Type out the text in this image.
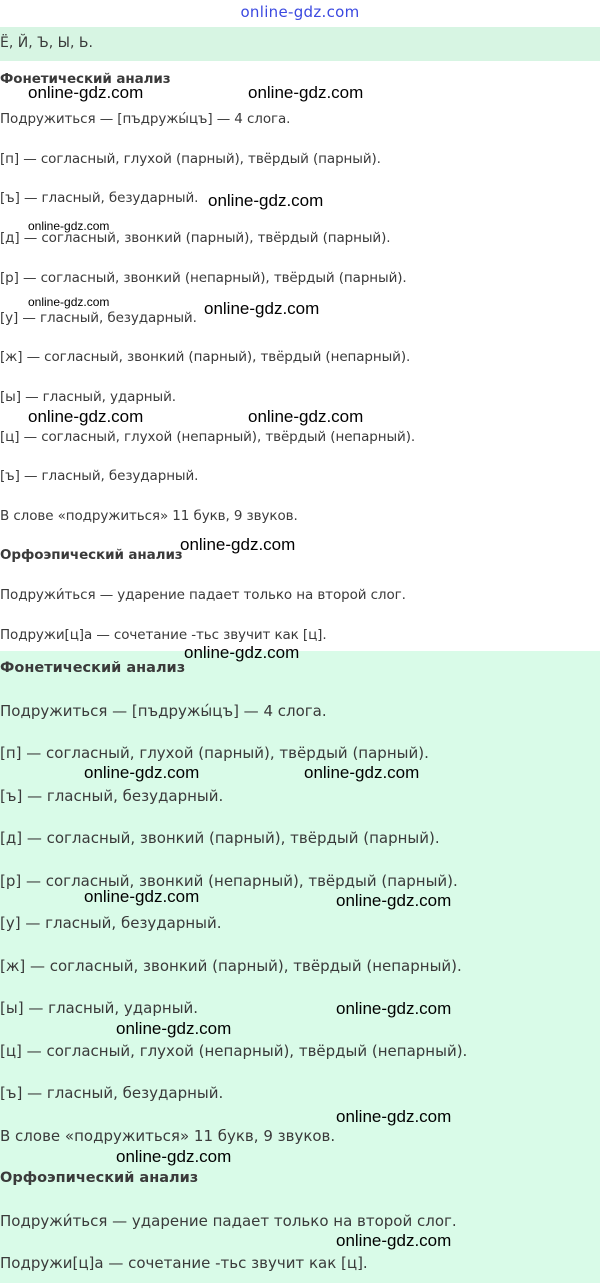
online-gdz.com
Ё, Й, Ъ, Ы, Ь.
Фонетический анализ
Подружиться — [пъдружы́цъ] — 4 слога.
[п] — согласный, глухой (парный), твёрдый (парный).
[ъ] — гласный, безударный.
[д] — согласный, звонкий (парный), твёрдый (парный).
[р] — согласный, звонкий (непарный), твёрдый (парный).
[у] — гласный, безударный.
[ж] — согласный, звонкий (парный), твёрдый (непарный).
[ы] — гласный, ударный.
[ц] — согласный, глухой (непарный), твёрдый (непарный).
[ъ] — гласный, безударный.
В слове «подружиться» 11 букв, 9 звуков.
Орфоэпический анализ
Подружи́ться — ударение падает только на второй слог.
Подружи[ц]а — сочетание -тьс звучит как [ц].
Фонетический анализ
Подружиться — [пъдружы́цъ] — 4 слога.
[п] — согласный, глухой (парный), твёрдый (парный).
[ъ] — гласный, безударный.
[д] — согласный, звонкий (парный), твёрдый (парный).
[р] — согласный, звонкий (непарный), твёрдый (парный).
[у] — гласный, безударный.
[ж] — согласный, звонкий (парный), твёрдый (непарный).
[ы] — гласный, ударный.
[ц] — согласный, глухой (непарный), твёрдый (непарный).
[ъ] — гласный, безударный.
В слове «подружиться» 11 букв, 9 звуков.
Орфоэпический анализ
Подружи́ться — ударение падает только на второй слог.
Подружи[ц]а — сочетание -тьс звучит как [ц].
online-gdz.com	online-gdz.com
online-gdz.com
online-gdz.com
online-gdz.com	online-gdz.com
online-gdz.com	online-gdz.com
online-gdz.com
online-gdz.com
online-gdz.com	online-gdz.com
online-gdz.com	online-gdz.com
online-gdz.com
online-gdz.com
online-gdz.com
online-gdz.com
online-gdz.com
